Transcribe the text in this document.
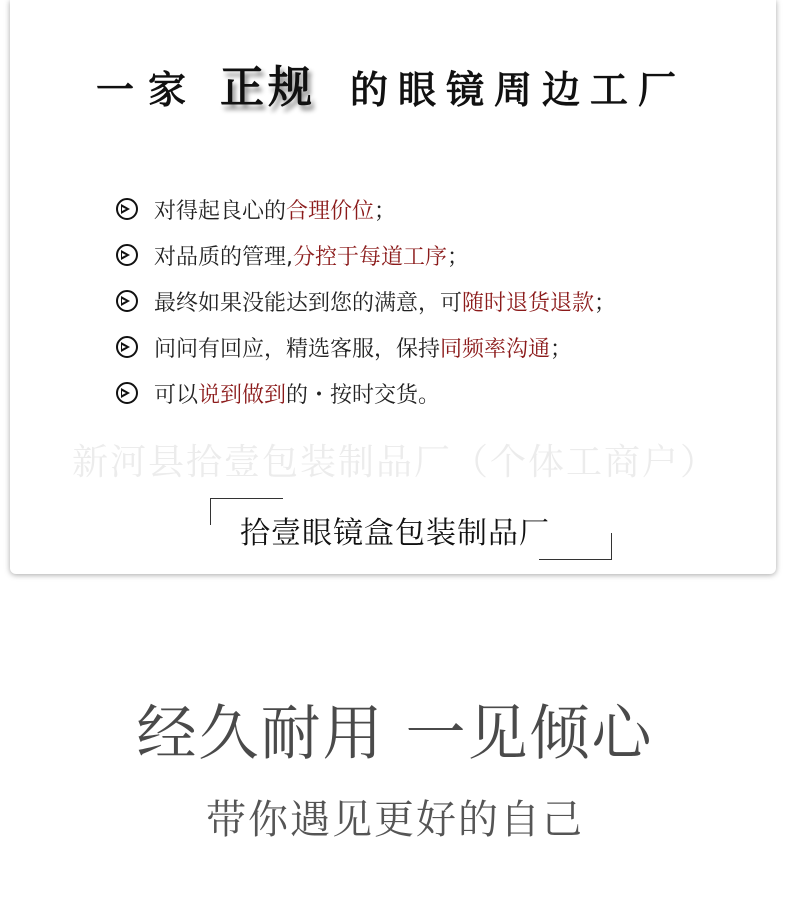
一家 正规 的眼镜周边工厂
对得起良心的 合理价位 ；
对品质的管理, 分控于每道工序 ；
最终如果没能达到您的满意，可 随时退货退款 ；
问问有回应，精选客服，保持 同频率沟通 ；
可以 说到做到 的・按时交货。
新河县拾壹包装制品厂（个体工商户）
拾壹眼镜盒包装制品厂
经久耐用 一见倾心
带你遇见更好的自己
